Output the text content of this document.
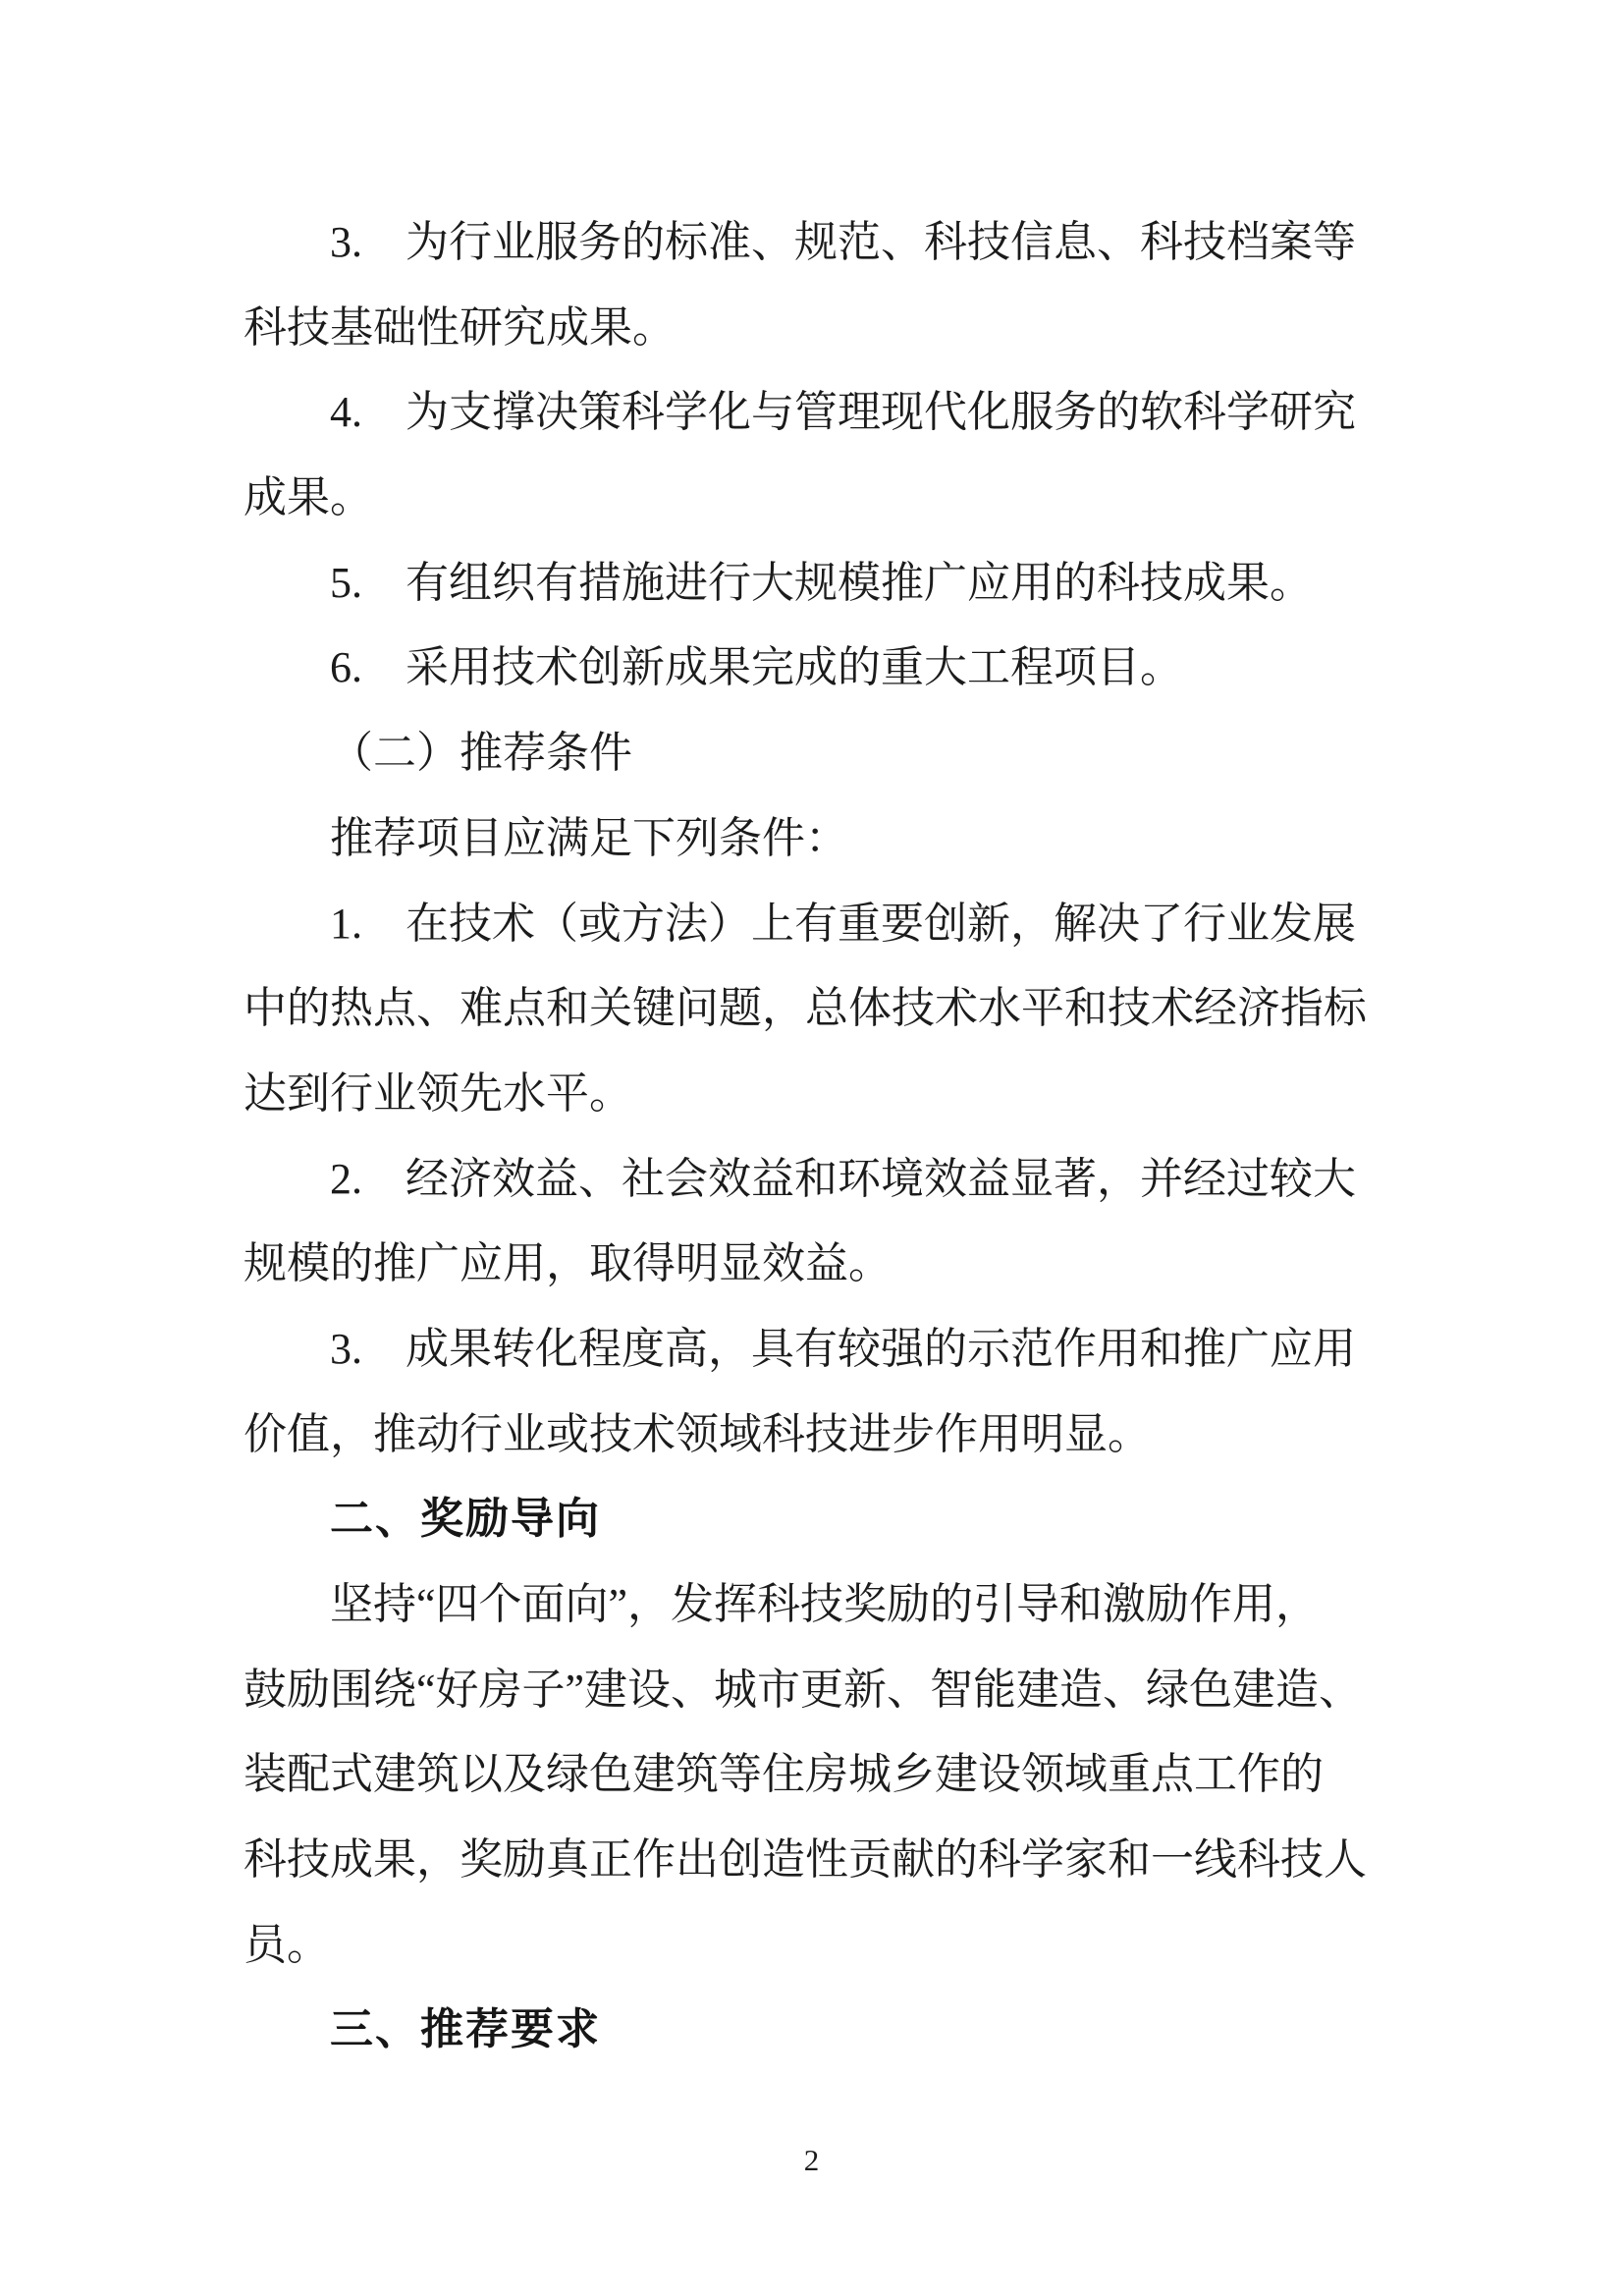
3.　为行业服务的标准、规范、科技信息、科技档案等
科技基础性研究成果。
4.　为支撑决策科学化与管理现代化服务的软科学研究
成果。
5.　有组织有措施进行大规模推广应用的科技成果。
6.　采用技术创新成果完成的重大工程项目。
（二）推荐条件
推荐项目应满足下列条件：
1.　在技术（或方法）上有重要创新，解决了行业发展
中的热点、难点和关键问题，总体技术水平和技术经济指标
达到行业领先水平。
2.　经济效益、社会效益和环境效益显著，并经过较大
规模的推广应用，取得明显效益。
3.　成果转化程度高，具有较强的示范作用和推广应用
价值，推动行业或技术领域科技进步作用明显。
二、奖励导向
坚持“四个面向”，发挥科技奖励的引导和激励作用，
鼓励围绕“好房子”建设、城市更新、智能建造、绿色建造、
装配式建筑以及绿色建筑等住房城乡建设领域重点工作的
科技成果，奖励真正作出创造性贡献的科学家和一线科技人
员。
三、推荐要求
2
